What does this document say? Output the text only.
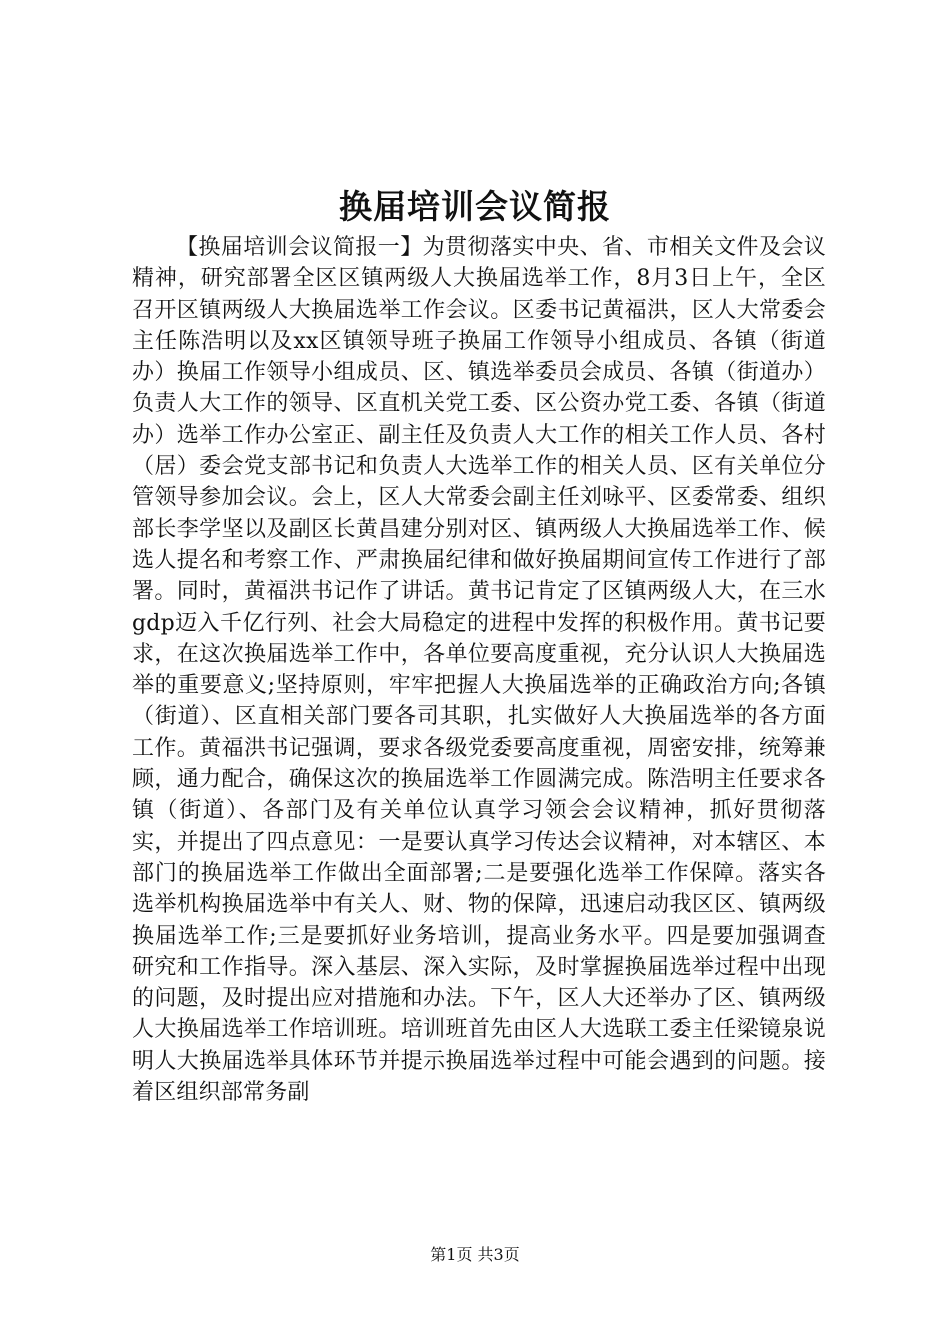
换届培训会议简报

【换届培训会议简报一】为贯彻落实中央、省、市相关文件及会议精神，研究部署全区区镇两级人大换届选举工作，8月3日上午，全区召开区镇两级人大换届选举工作会议。区委书记黄福洪，区人大常委会主任陈浩明以及xx区镇领导班子换届工作领导小组成员、各镇（街道办）换届工作领导小组成员、区、镇选举委员会成员、各镇（街道办）负责人大工作的领导、区直机关党工委、区公资办党工委、各镇（街道办）选举工作办公室正、副主任及负责人大工作的相关工作人员、各村（居）委会党支部书记和负责人大选举工作的相关人员、区有关单位分管领导参加会议。会上，区人大常委会副主任刘咏平、区委常委、组织部长李学坚以及副区长黄昌建分别对区、镇两级人大换届选举工作、候选人提名和考察工作、严肃换届纪律和做好换届期间宣传工作进行了部署。同时，黄福洪书记作了讲话。黄书记肯定了区镇两级人大，在三水gdp迈入千亿行列、社会大局稳定的进程中发挥的积极作用。黄书记要求，在这次换届选举工作中，各单位要高度重视，充分认识人大换届选举的重要意义;坚持原则，牢牢把握人大换届选举的正确政治方向;各镇（街道）、区直相关部门要各司其职，扎实做好人大换届选举的各方面工作。黄福洪书记强调，要求各级党委要高度重视，周密安排，统筹兼顾，通力配合，确保这次的换届选举工作圆满完成。陈浩明主任要求各镇（街道）、各部门及有关单位认真学习领会会议精神，抓好贯彻落实，并提出了四点意见：一是要认真学习传达会议精神，对本辖区、本部门的换届选举工作做出全面部署;二是要强化选举工作保障。落实各选举机构换届选举中有关人、财、物的保障，迅速启动我区区、镇两级换届选举工作;三是要抓好业务培训，提高业务水平。四是要加强调查研究和工作指导。深入基层、深入实际，及时掌握换届选举过程中出现的问题，及时提出应对措施和办法。下午，区人大还举办了区、镇两级人大换届选举工作培训班。培训班首先由区人大选联工委主任梁镜泉说明人大换届选举具体环节并提示换届选举过程中可能会遇到的问题。接着区组织部常务副

第1页 共3页
